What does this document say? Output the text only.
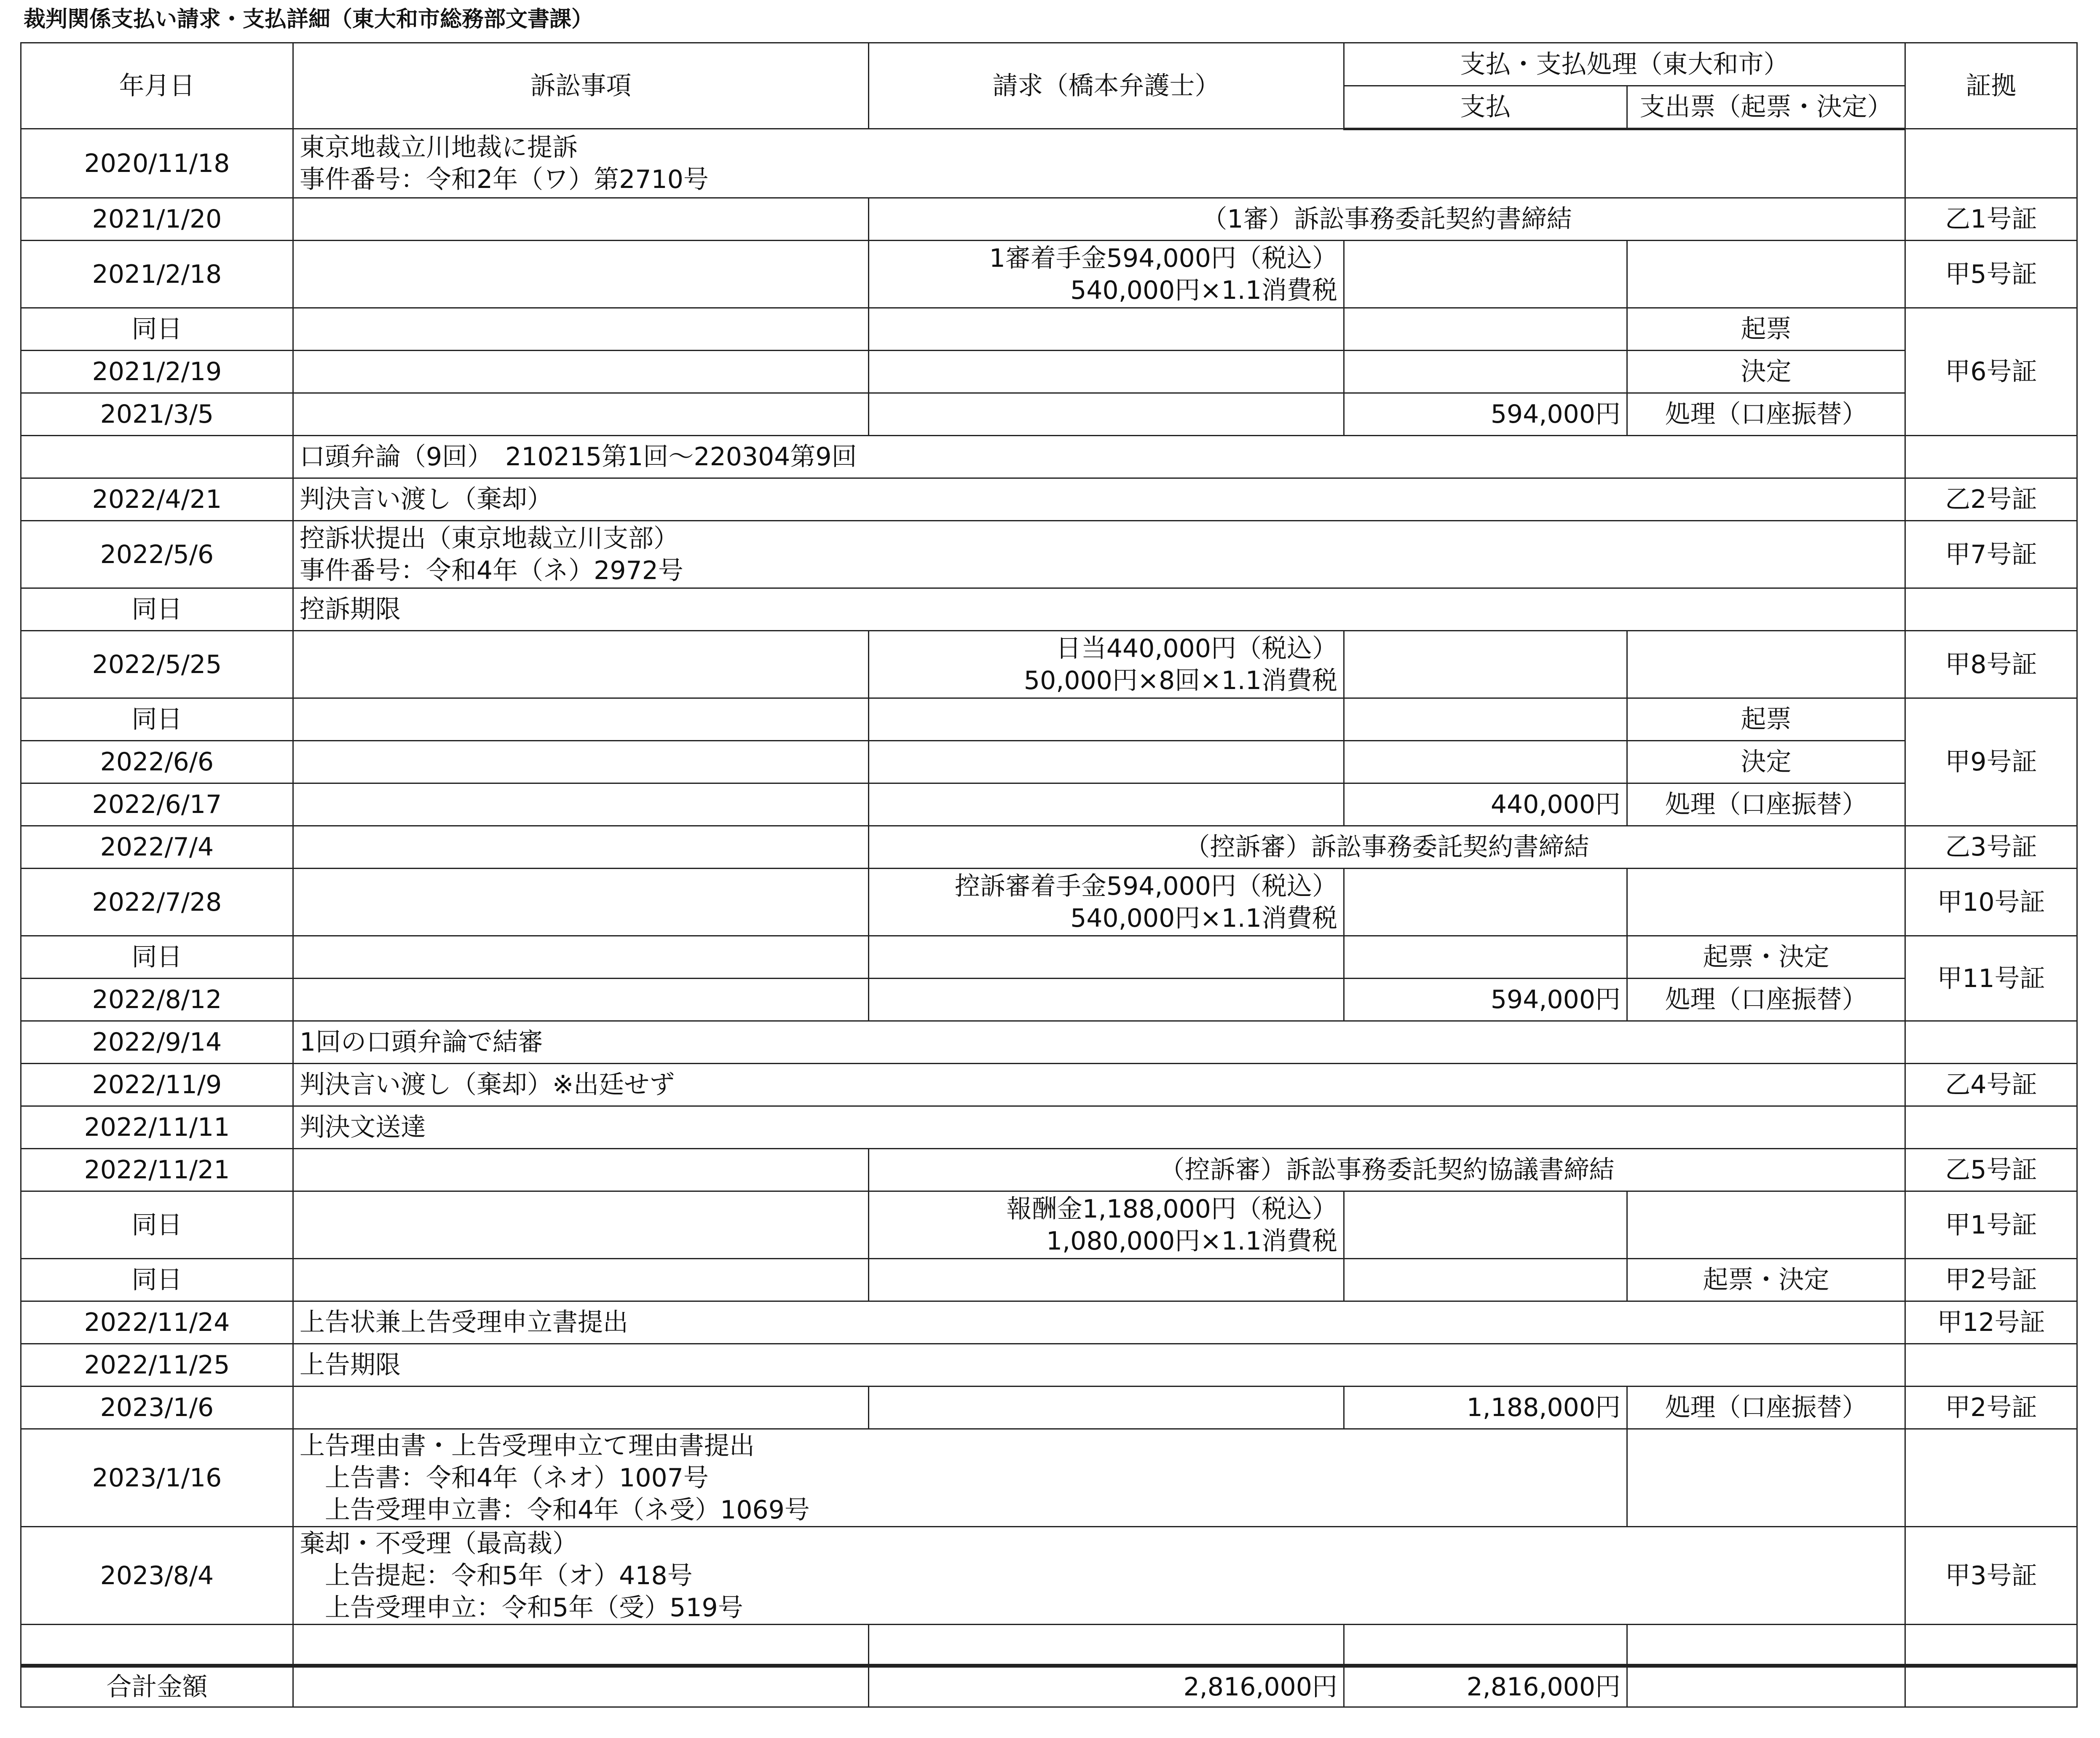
裁判関係支払い請求・支払詳細（東大和市総務部文書課）
年月日	訴訟事項	請求（橋本弁護士）	支払・支払処理（東大和市）		証拠
			支払	支出票（起票・決定）	
2020/11/18	東京地裁立川地裁に提訴
事件番号：令和2年（ワ）第2710号				

2021/1/20		（1審）訴訟事務委託契約書締結			乙1号証
2021/2/18		1審着手金594,000円（税込）
540,000円×1.1消費税			甲5号証
同日				起票	甲6号証
2021/2/19				決定	
2021/3/5			594,000円	処理（口座振替）	
	口頭弁論（9回）　210215第1回～220304第9回				
2022/4/21	判決言い渡し（棄却）				乙2号証
2022/5/6	控訴状提出（東京地裁立川支部）
事件番号：令和4年（ネ）2972号				甲7号証
同日	控訴期限				
2022/5/25		日当440,000円（税込）
50,000円×8回×1.1消費税			甲8号証
同日				起票	甲9号証
2022/6/6				決定	
2022/6/17			440,000円	処理（口座振替）	
2022/7/4		（控訴審）訴訟事務委託契約書締結			乙3号証
2022/7/28		控訴審着手金594,000円（税込）
540,000円×1.1消費税			甲10号証
同日				起票・決定	甲11号証
2022/8/12			594,000円	処理（口座振替）	
2022/9/14	1回の口頭弁論で結審				
2022/11/9	判決言い渡し（棄却）※出廷せず				乙4号証
2022/11/11	判決文送達				
2022/11/21		（控訴審）訴訟事務委託契約協議書締結			乙5号証
同日		報酬金1,188,000円（税込）
1,080,000円×1.1消費税			甲1号証
同日				起票・決定	甲2号証
2022/11/24	上告状兼上告受理申立書提出				甲12号証
2022/11/25	上告期限				
2023/1/6			1,188,000円	処理（口座振替）	甲2号証
2023/1/16	上告理由書・上告受理申立て理由書提出
上告書：令和4年（ネオ）1007号
上告受理申立書：令和4年（ネ受）1069号				

2023/8/4	棄却・不受理（最高裁）
上告提起：令和5年（オ）418号
上告受理申立：令和5年（受）519号				甲3号証

合計金額		2,816,000円	2,816,000円		
